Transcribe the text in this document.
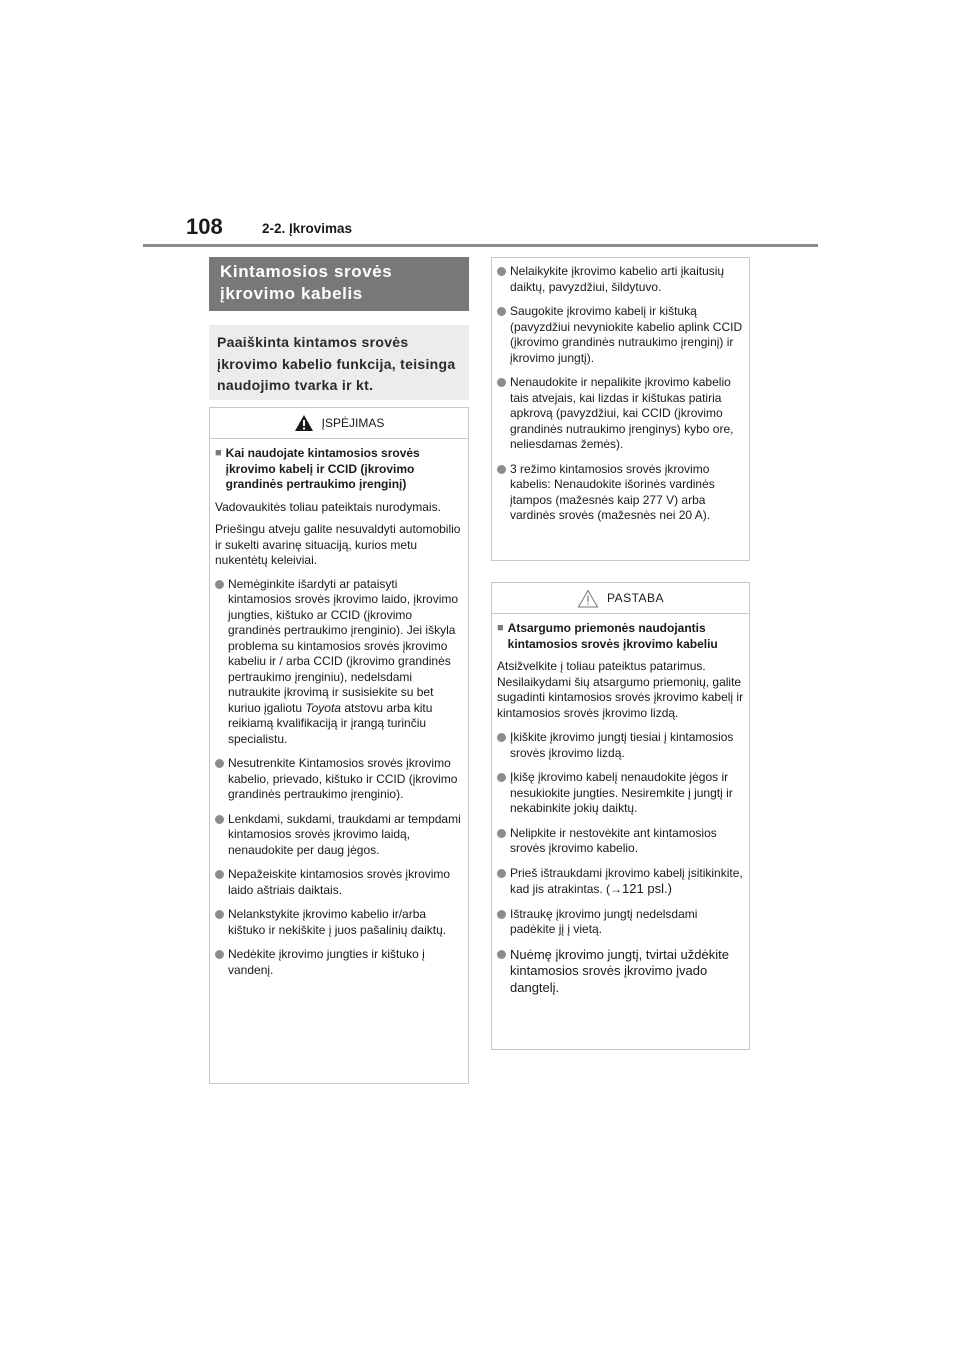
108	2-2. Įkrovimas
Kintamosios srovės įkrovimo kabelis
Paaiškinta kintamos srovės įkrovimo kabelio funkcija, teisinga naudojimo tvarka ir kt.
ĮSPĖJIMAS
■ Kai naudojate kintamosios srovės įkrovimo kabelį ir CCID (įkrovimo grandinės pertraukimo įrenginį)

Vadovaukitės toliau pateiktais nurodymais.

Priešingu atveju galite nesuvaldyti automobilio ir sukelti avarinę situaciją, kurios metu nukentėtų keleiviai.

Nemėginkite išardyti ar pataisyti kintamosios srovės įkrovimo laido, įkrovimo jungties, kištuko ar CCID (įkrovimo grandinės pertraukimo įrenginio). Jei iškyla problema su kintamosios srovės įkrovimo kabeliu ir / arba CCID (įkrovimo grandinės pertraukimo įrenginiu), nedelsdami nutraukite įkrovimą ir susisiekite su bet kuriuo įgaliotu Toyota atstovu arba kitu reikiamą kvalifikaciją ir įrangą turinčiu specialistu.
Nesutrenkite Kintamosios srovės įkrovimo kabelio, prievado, kištuko ir CCID (įkrovimo grandinės pertraukimo įrenginio).
Lenkdami, sukdami, traukdami ar tempdami kintamosios srovės įkrovimo laidą, nenaudokite per daug jėgos.
Nepažeiskite kintamosios srovės įkrovimo laido aštriais daiktais.
Nelankstykite įkrovimo kabelio ir/arba kištuko ir nekiškite į juos pašalinių daiktų.
Nedėkite įkrovimo jungties ir kištuko į vandenį.
Nelaikykite įkrovimo kabelio arti įkaitusių daiktų, pavyzdžiui, šildytuvo.
Saugokite įkrovimo kabelį ir kištuką (pavyzdžiui nevyniokite kabelio aplink CCID (įkrovimo grandinės nutraukimo įrenginį) ir įkrovimo jungtį).
Nenaudokite ir nepalikite įkrovimo kabelio tais atvejais, kai lizdas ir kištukas patiria apkrovą (pavyzdžiui, kai CCID (įkrovimo grandinės nutraukimo įrenginys) kybo ore, neliesdamas žemės).
3 režimo kintamosios srovės įkrovimo kabelis: Nenaudokite išorinės vardinės įtampos (mažesnės kaip 277 V) arba vardinės srovės (mažesnės nei 20 A).
PASTABA
■ Atsargumo priemonės naudojantis kintamosios srovės įkrovimo kabeliu

Atsižvelkite į toliau pateiktus patarimus. Nesilaikydami šių atsargumo priemonių, galite sugadinti kintamosios srovės įkrovimo kabelį ir kintamosios srovės įkrovimo lizdą.

Įkiškite įkrovimo jungtį tiesiai į kintamosios srovės įkrovimo lizdą.
Įkišę įkrovimo kabelį nenaudokite jėgos ir nesukiokite jungties. Nesiremkite į jungtį ir nekabinkite jokių daiktų.
Nelipkite ir nestovėkite ant kintamosios srovės įkrovimo kabelio.
Prieš ištraukdami įkrovimo kabelį įsitikinkite, kad jis atrakintas. (→121 psl.)
Ištraukę įkrovimo jungtį nedelsdami padėkite jį į vietą.
Nuėmę įkrovimo jungtį, tvirtai uždėkite kintamosios srovės įkrovimo įvado dangtelį.
